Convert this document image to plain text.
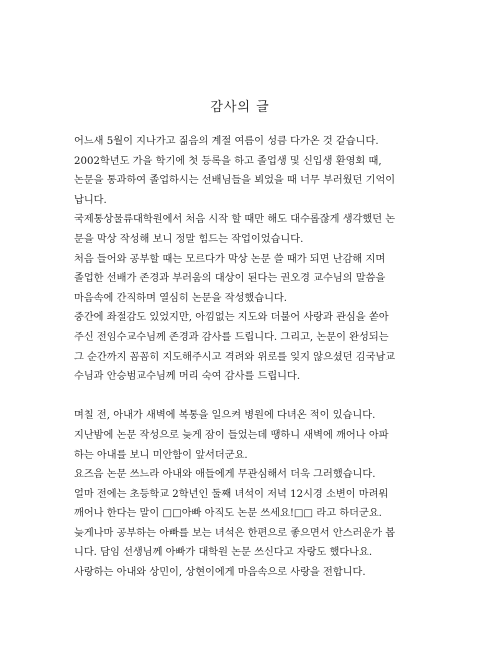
감사의 글

어느새 5월이 지나가고 짊음의 계절 여름이 성큼 다가온 것 같습니다.
2002학년도 가을 학기에 첫 등록을 하고 졸업생 및 신입생 환영회 때,
논문을 통과하여 졸업하시는 선배님들을 뵈었을 때 너무 부러웠던 기억이
납니다.

국제통상물류대학원에서 처음 시작 할 때만 해도 대수롭잖게 생각했던 논
문을 막상 작성해 보니 정말 힘드는 작업이었습니다.

처음 들어와 공부할 때는 모르다가 막상 논문 쓸 때가 되면 난감해 지며
졸업한 선배가 존경과 부러움의 대상이 된다는 권오경 교수님의 말씀을
마음속에 간직하며 열심히 논문을 작성했습니다.

중간에 좌절감도 있었지만, 아낌없는 지도와 더불어 사랑과 관심을 쏟아
주신 전임수교수님께 존경과 감사를 드립니다. 그리고, 논문이 완성되는
그 순간까지 꼼꼼히 지도해주시고 격려와 위로를 잊지 않으셨던 김국남교
수님과 안승범교수님께 머리 숙여 감사를 드립니다.

며칠 전, 아내가 새벽에 복통을 일으켜 병원에 다녀온 적이 있습니다.
지난밤에 논문 작성으로 늦게 잠이 들었는데 땡하니 새벽에 깨어나 아파
하는 아내를 보니 미안함이 앞서더군요.

요즈음 논문 쓰느라 아내와 애들에게 무관심해서 더욱 그러했습니다.
얼마 전에는 초등학교 2학년인 둘째 녀석이 저녁 12시경 소변이 마려워
깨어나 한다는 말이 □□아빠 아직도 논문 쓰세요!□□ 라고 하더군요.
늦게나마 공부하는 아빠를 보는 녀석은 한편으로 좋으면서 안스러운가 봅
니다. 담임 선생님께 아빠가 대학원 논문 쓰신다고 자랑도 했다나요.

사랑하는 아내와 상민이, 상현이에게 마음속으로 사랑을 전합니다.
